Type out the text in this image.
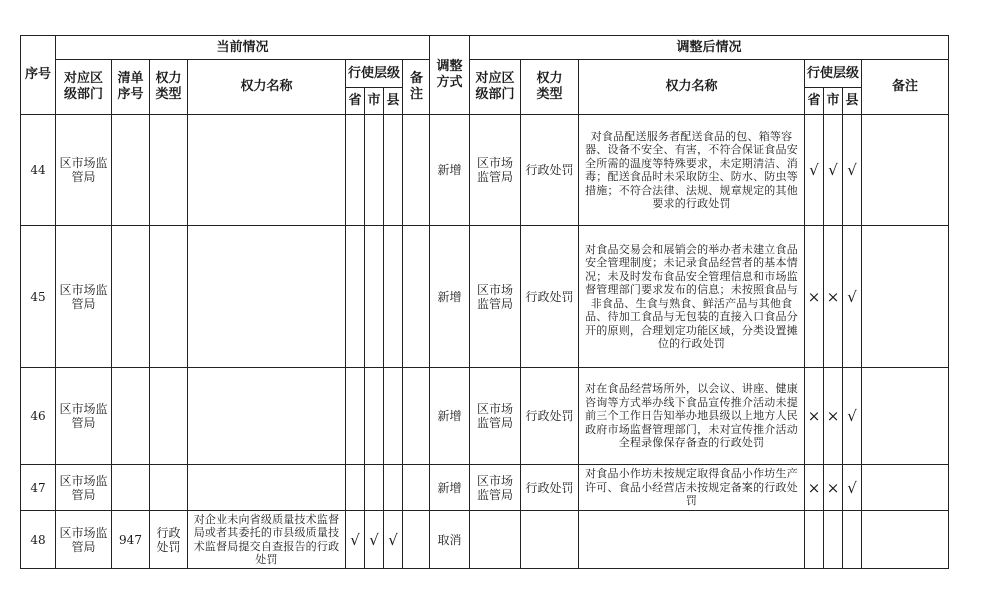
序号	当前情况								调整方式	调整后情况						
	对应区级部门	清单序号	权力类型	权力名称	行使层级			备注		对应区级部门	权力类型	权力名称	行使层级			备注
					省	市	县						省	市	县	
44	区市场监管局								新增	区市场监管局	行政处罚	对食品配送服务者配送食品的包、箱等容器、设备不安全、有害，不符合保证食品安全所需的温度等特殊要求，未定期清洁、消毒；配送食品时未采取防尘、防水、防虫等措施；不符合法律、法规、规章规定的其他要求的行政处罚	√	√	√	
45	区市场监管局								新增	区市场监管局	行政处罚	对食品交易会和展销会的举办者未建立食品安全管理制度；未记录食品经营者的基本情况；未及时发布食品安全管理信息和市场监督管理部门要求发布的信息；未按照食品与非食品、生食与熟食、鲜活产品与其他食品、待加工食品与无包装的直接入口食品分开的原则，合理划定功能区域，分类设置摊位的行政处罚	×	×	√	
46	区市场监管局								新增	区市场监管局	行政处罚	对在食品经营场所外，以会议、讲座、健康咨询等方式举办线下食品宣传推介活动未提前三个工作日告知举办地县级以上地方人民政府市场监督管理部门，未对宣传推介活动全程录像保存备查的行政处罚	×	×	√	
47	区市场监管局								新增	区市场监管局	行政处罚	对食品小作坊未按规定取得食品小作坊生产许可、食品小经营店未按规定备案的行政处罚	×	×	√	
48	区市场监管局	947	行政处罚	对企业未向省级质量技术监督局或者其委托的市县级质量技术监督局提交自查报告的行政处罚	√	√	√		取消							
